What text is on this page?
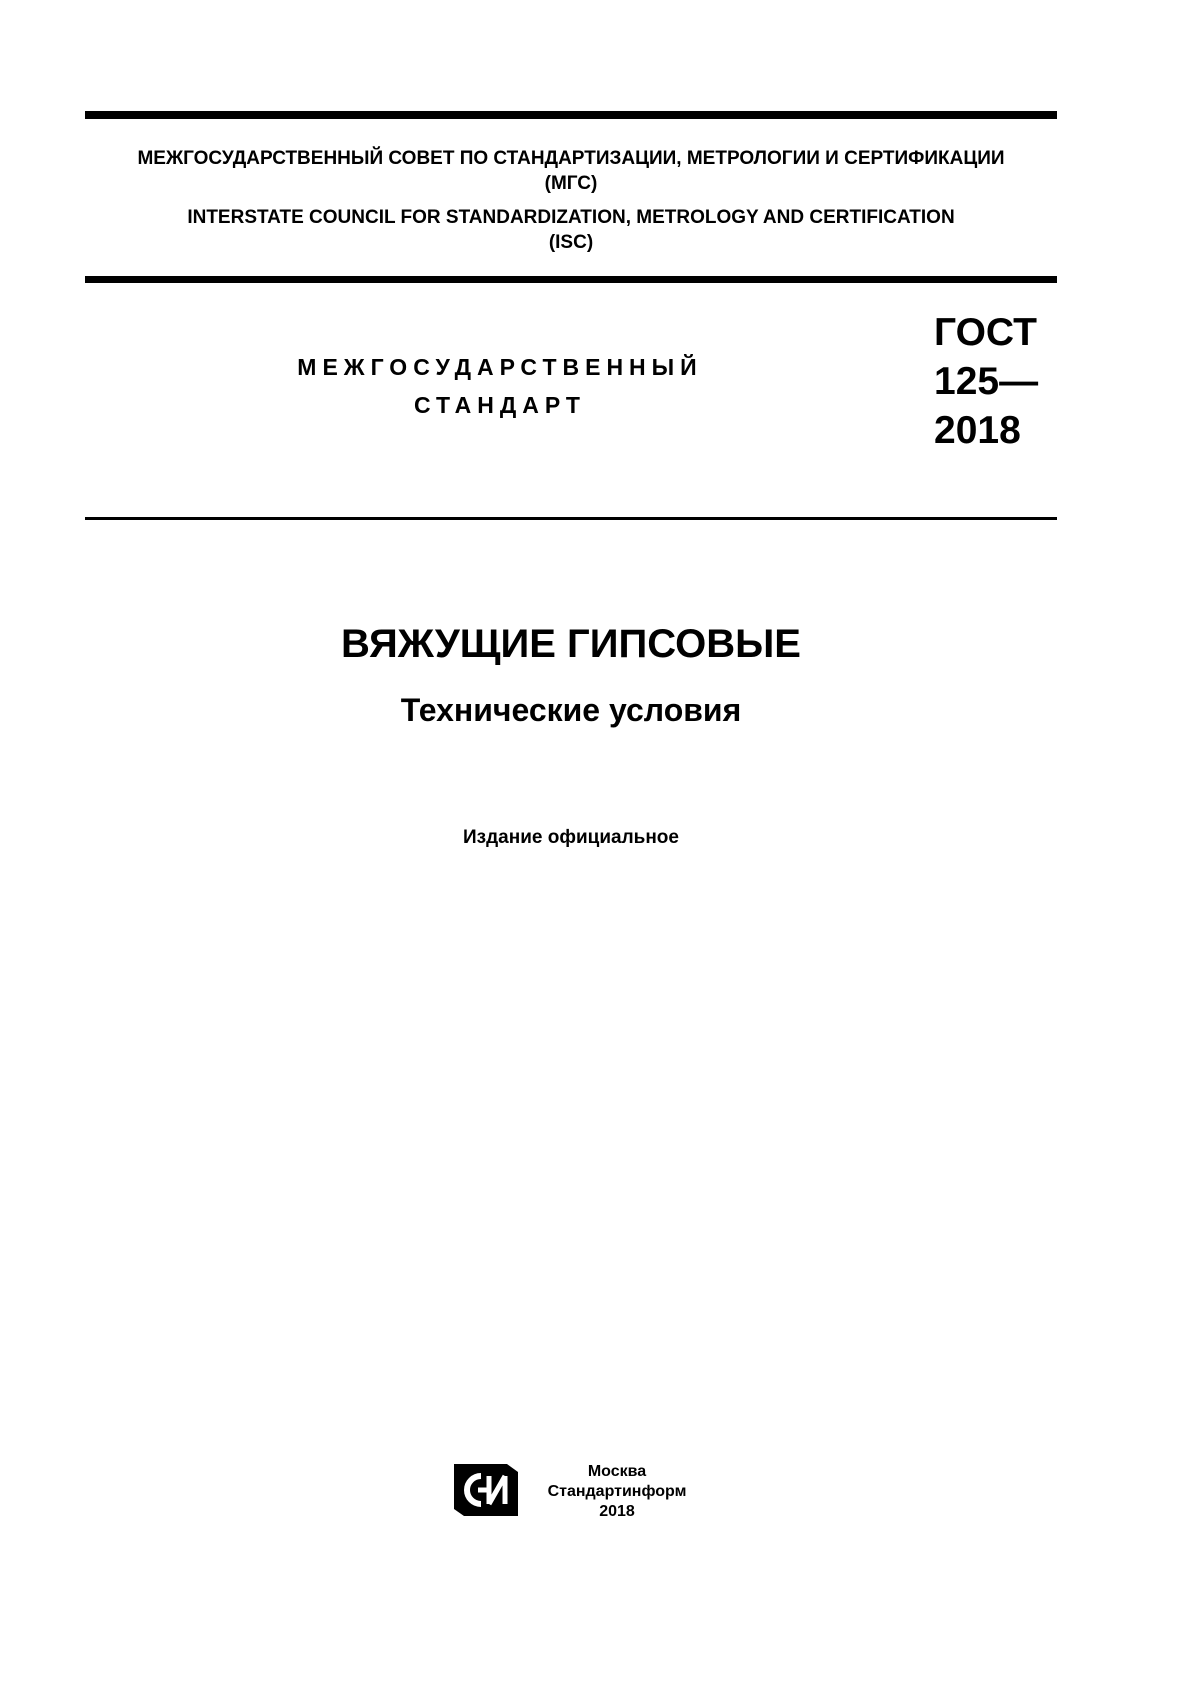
МЕЖГОСУДАРСТВЕННЫЙ СОВЕТ ПО СТАНДАРТИЗАЦИИ, МЕТРОЛОГИИ И СЕРТИФИКАЦИИ
(МГС)
INTERSTATE COUNCIL FOR STANDARDIZATION, METROLOGY AND CERTIFICATION
(ISC)
МЕЖГОСУДАРСТВЕННЫЙ
СТАНДАРТ
ГОСТ
125—
2018
ВЯЖУЩИЕ ГИПСОВЫЕ
Технические условия
Издание официальное
Москва
Стандартинформ
2018
